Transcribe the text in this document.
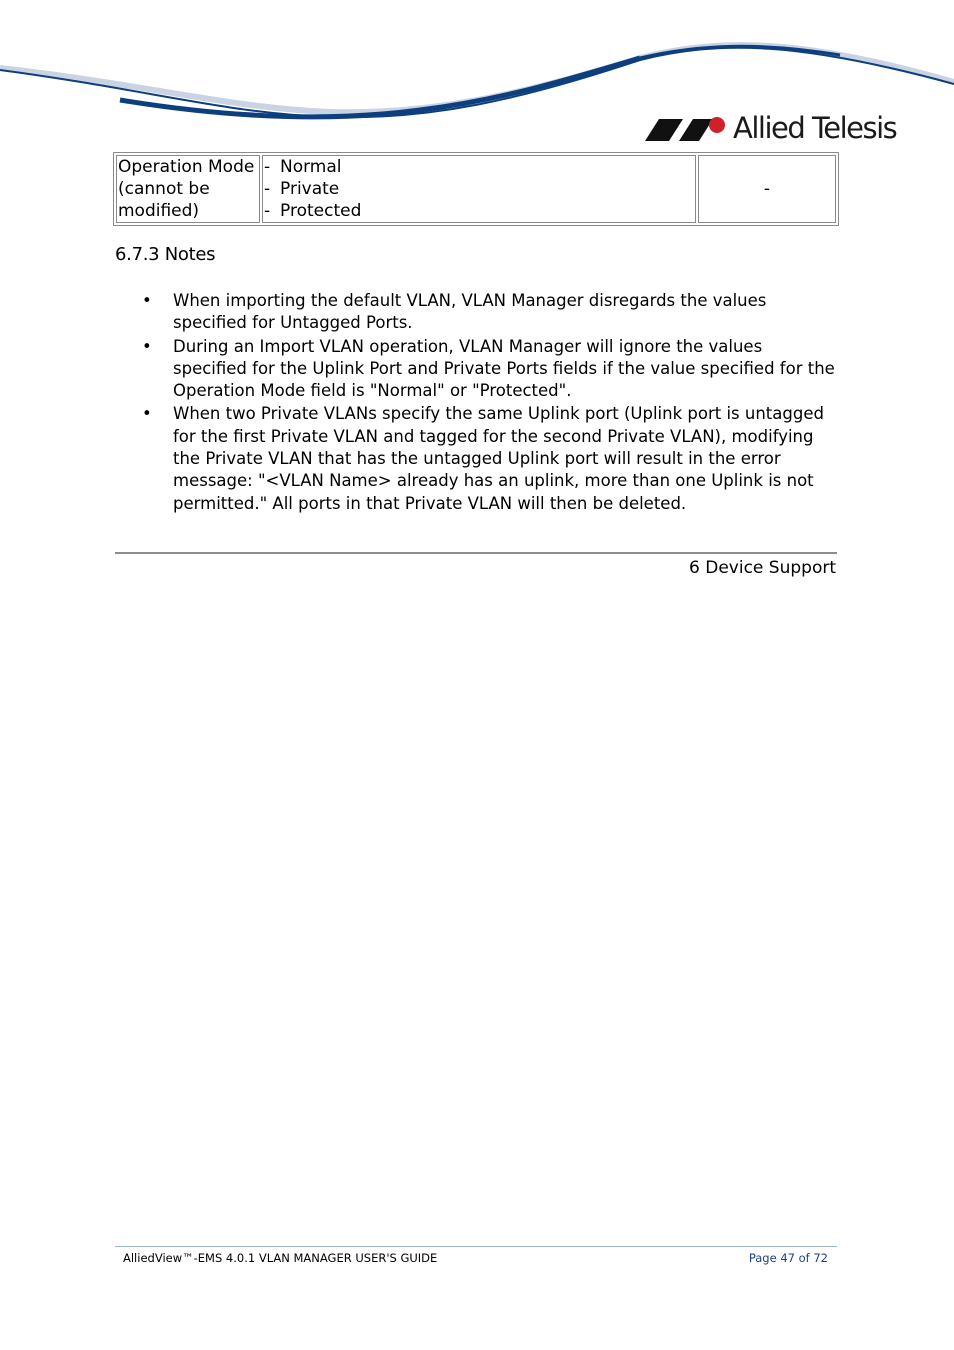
Allied Telesis
Operation Mode
(cannot be
modified)

- Normal
- Private
- Protected
	-
6.7.3 Notes
• When importing the default VLAN, VLAN Manager disregards the values specified for Untagged Ports.
• During an Import VLAN operation, VLAN Manager will ignore the values specified for the Uplink Port and Private Ports fields if the value specified for the Operation Mode field is "Normal" or "Protected".
• When two Private VLANs specify the same Uplink port (Uplink port is untagged for the first Private VLAN and tagged for the second Private VLAN), modifying the Private VLAN that has the untagged Uplink port will result in the error message: "<VLAN Name> already has an uplink, more than one Uplink is not permitted." All ports in that Private VLAN will then be deleted.
6 Device Support
AlliedView™-EMS 4.0.1 VLAN MANAGER USER'S GUIDE	Page 47 of 72
